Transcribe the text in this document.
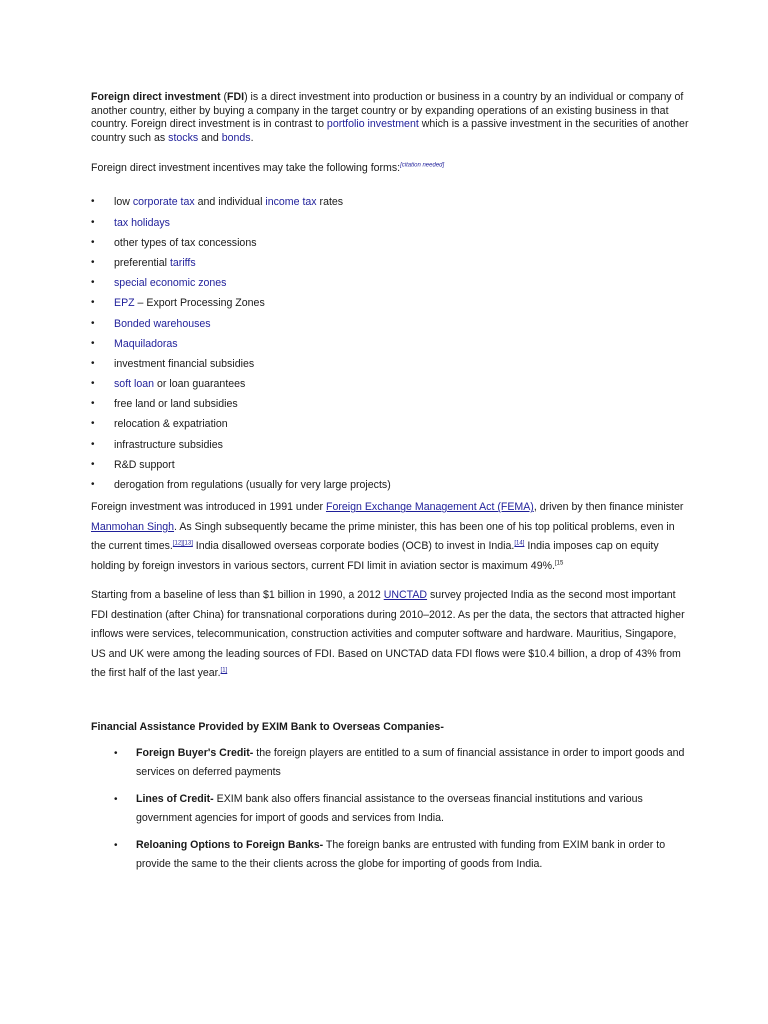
Foreign direct investment (FDI) is a direct investment into production or business in a country by an individual or company of another country, either by buying a company in the target country or by expanding operations of an existing business in that country. Foreign direct investment is in contrast to portfolio investment which is a passive investment in the securities of another country such as stocks and bonds.

Foreign direct investment incentives may take the following forms:[citation needed]

• low corporate tax and individual income tax rates
• tax holidays
• other types of tax concessions
• preferential tariffs
• special economic zones
• EPZ – Export Processing Zones
• Bonded warehouses
• Maquiladoras
• investment financial subsidies
• soft loan or loan guarantees
• free land or land subsidies
• relocation & expatriation
• infrastructure subsidies
• R&D support
• derogation from regulations (usually for very large projects)

Foreign investment was introduced in 1991 under Foreign Exchange Management Act (FEMA), driven by then finance minister Manmohan Singh. As Singh subsequently became the prime minister, this has been one of his top political problems, even in the current times.[12][13] India disallowed overseas corporate bodies (OCB) to invest in India.[14] India imposes cap on equity holding by foreign investors in various sectors, current FDI limit in aviation sector is maximum 49%.$^{[15}$

Starting from a baseline of less than $1 billion in 1990, a 2012 UNCTAD survey projected India as the second most important FDI destination (after China) for transnational corporations during 2010–2012. As per the data, the sectors that attracted higher inflows were services, telecommunication, construction activities and computer software and hardware. Mauritius, Singapore, US and UK were among the leading sources of FDI. Based on UNCTAD data FDI flows were $10.4 billion, a drop of 43% from the first half of the last year.[1]

Financial Assistance Provided by EXIM Bank to Overseas Companies-

• Foreign Buyer's Credit- the foreign players are entitled to a sum of financial assistance in order to import goods and services on deferred payments
• Lines of Credit- EXIM bank also offers financial assistance to the overseas financial institutions and various government agencies for import of goods and services from India.
• Reloaning Options to Foreign Banks- The foreign banks are entrusted with funding from EXIM bank in order to provide the same to the their clients across the globe for importing of goods from India.
